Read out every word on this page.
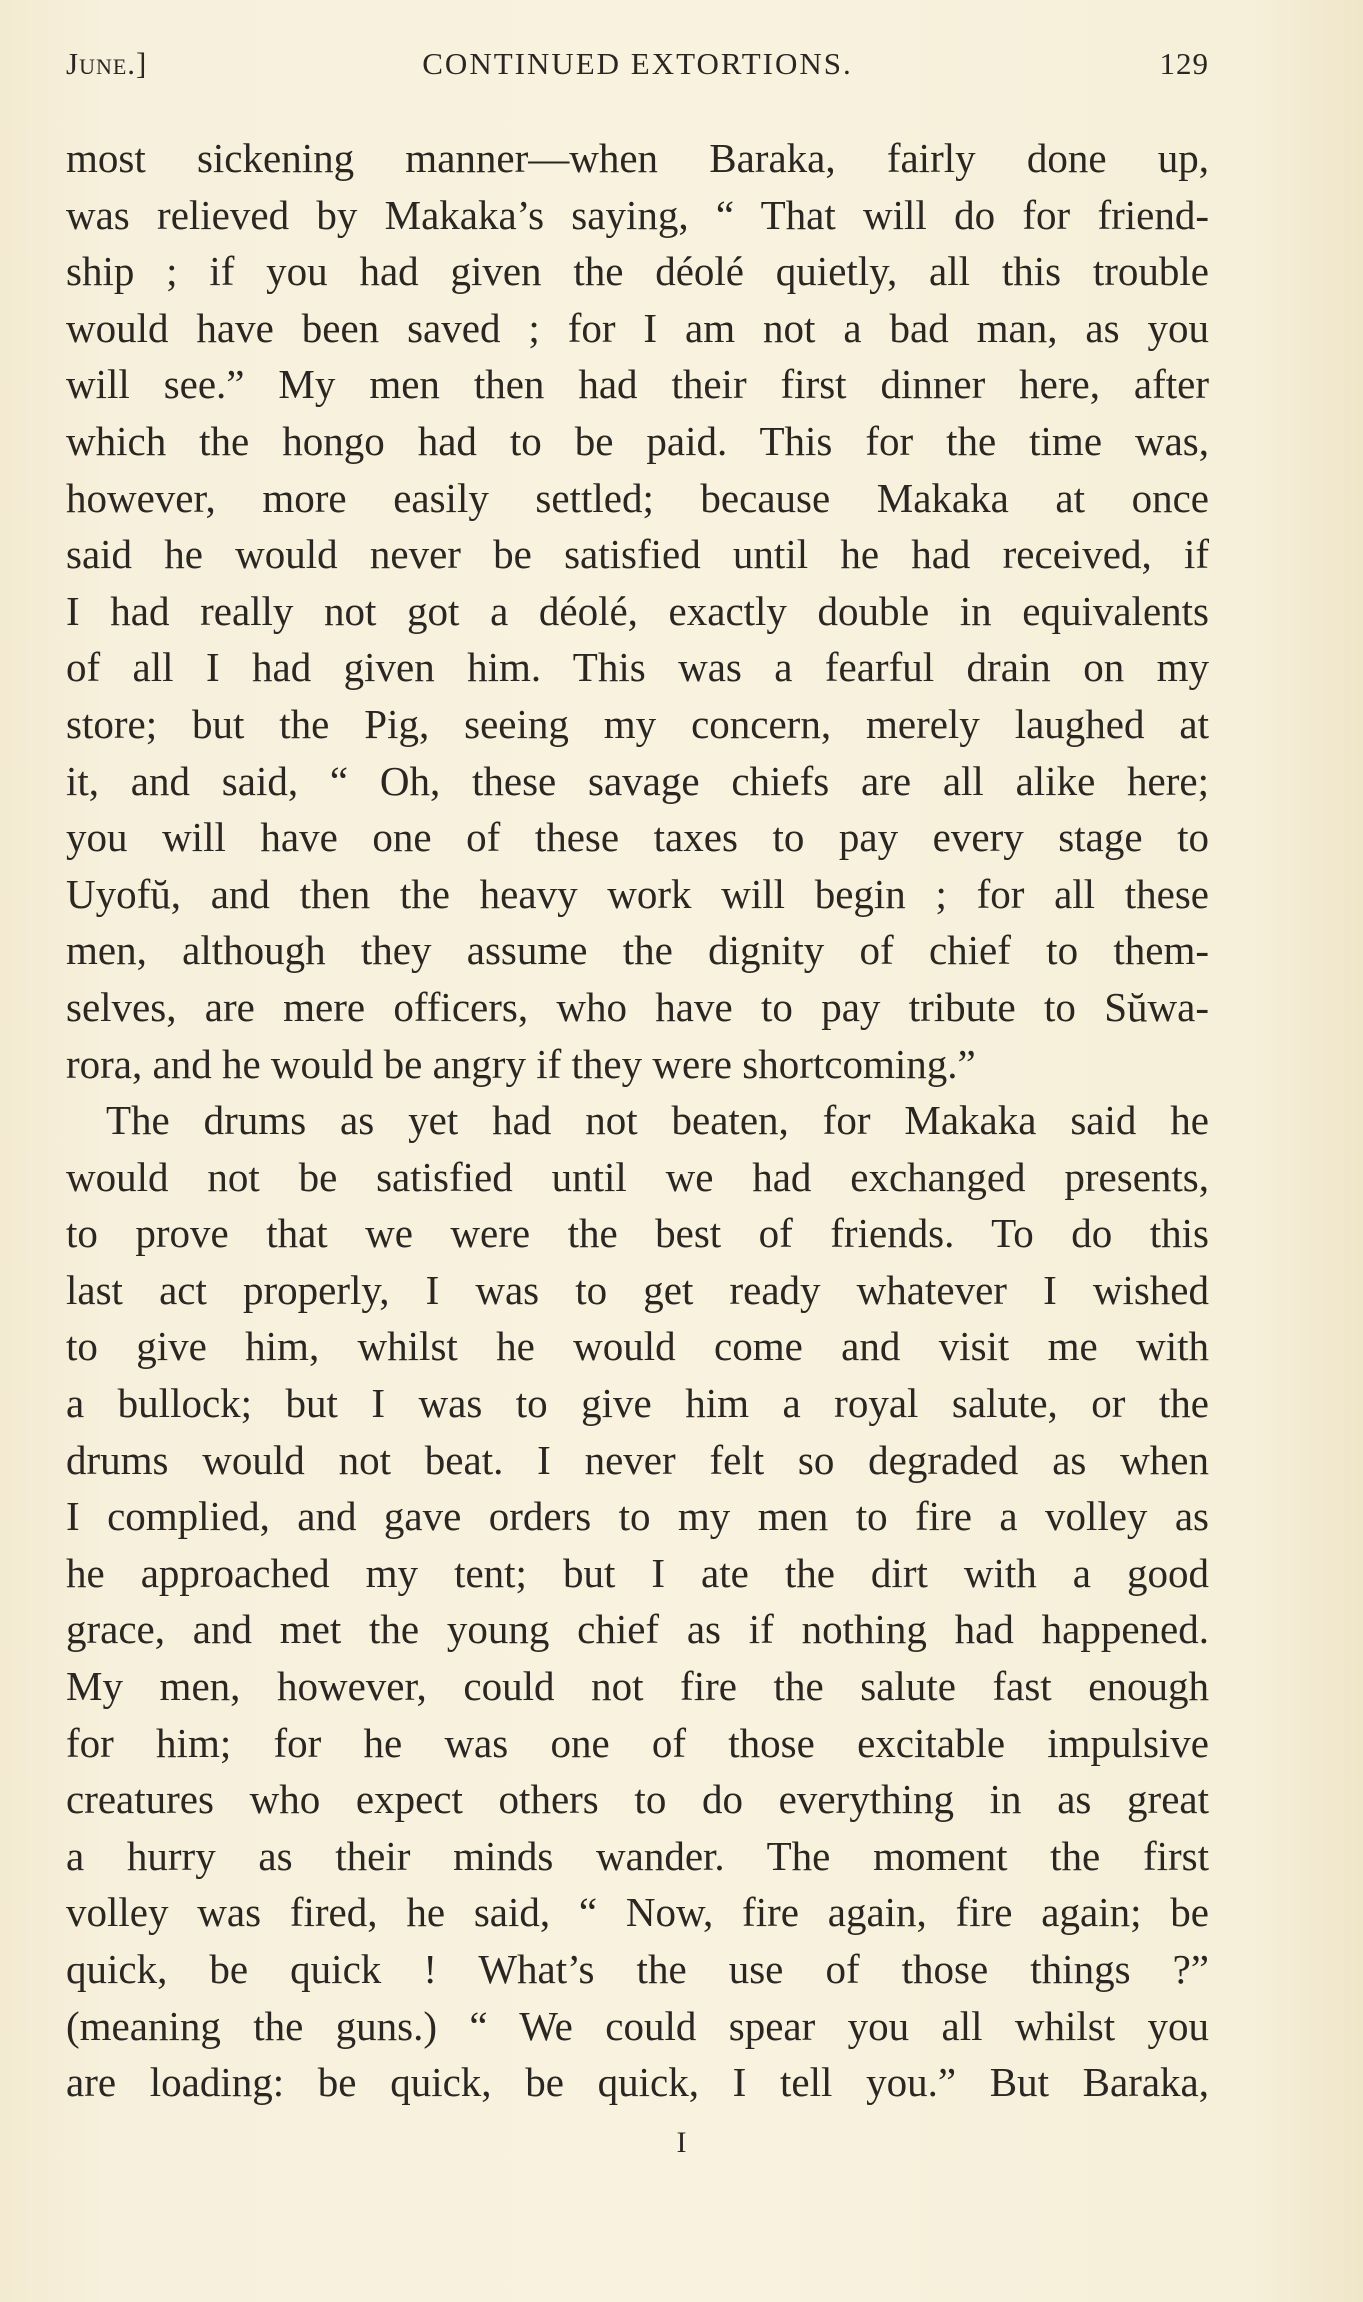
June.]	CONTINUED EXTORTIONS.	129
most sickening manner—when Baraka, fairly done up,
was relieved by Makaka’s saying, “ That will do for friend-
ship ; if you had given the déolé quietly, all this trouble
would have been saved ; for I am not a bad man, as you
will see.” My men then had their first dinner here, after
which the hongo had to be paid. This for the time was,
however, more easily settled; because Makaka at once
said he would never be satisfied until he had received, if
I had really not got a déolé, exactly double in equivalents
of all I had given him. This was a fearful drain on my
store; but the Pig, seeing my concern, merely laughed at
it, and said, “ Oh, these savage chiefs are all alike here;
you will have one of these taxes to pay every stage to
Uyofŭ, and then the heavy work will begin ; for all these
men, although they assume the dignity of chief to them-
selves, are mere officers, who have to pay tribute to Sŭwa-
rora, and he would be angry if they were shortcoming.”
The drums as yet had not beaten, for Makaka said he
would not be satisfied until we had exchanged presents,
to prove that we were the best of friends. To do this
last act properly, I was to get ready whatever I wished
to give him, whilst he would come and visit me with
a bullock; but I was to give him a royal salute, or the
drums would not beat. I never felt so degraded as when
I complied, and gave orders to my men to fire a volley as
he approached my tent; but I ate the dirt with a good
grace, and met the young chief as if nothing had happened.
My men, however, could not fire the salute fast enough
for him; for he was one of those excitable impulsive
creatures who expect others to do everything in as great
a hurry as their minds wander. The moment the first
volley was fired, he said, “ Now, fire again, fire again; be
quick, be quick ! What’s the use of those things ?”
(meaning the guns.) “ We could spear you all whilst you
are loading: be quick, be quick, I tell you.” But Baraka,
I
